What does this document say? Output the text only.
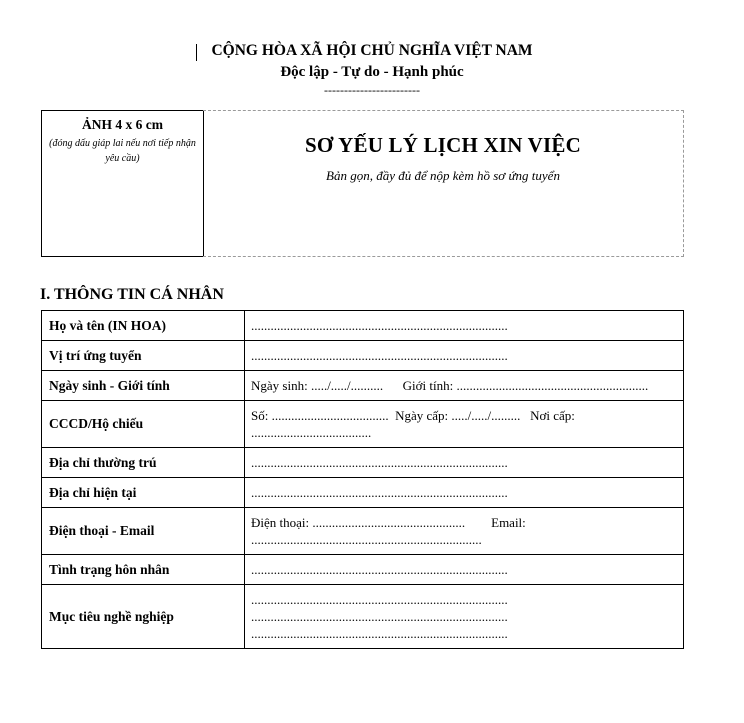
CỘNG HÒA XÃ HỘI CHỦ NGHĨA VIỆT NAM
Độc lập - Tự do - Hạnh phúc
------------------------
ẢNH 4 x 6 cm
(đóng dấu giáp lai nếu nơi tiếp nhận yêu cầu)
SƠ YẾU LÝ LỊCH XIN VIỆC
Bản gọn, đầy đủ để nộp kèm hồ sơ ứng tuyển
I. THÔNG TIN CÁ NHÂN
Họ và tên (IN HOA)	...............................................................................

Vị trí ứng tuyển	...............................................................................

Ngày sinh - Giới tính	Ngày sinh: ...../...../..........      Giới tính: ...........................................................

CCCD/Hộ chiếu	Số: ....................................  Ngày cấp: ...../...../.........   Nơi cấp:
.....................................

Địa chỉ thường trú	...............................................................................

Địa chỉ hiện tại	...............................................................................

Điện thoại - Email	Điện thoại: ...............................................        Email:
.......................................................................

Tình trạng hôn nhân	...............................................................................

Mục tiêu nghề nghiệp	...............................................................................
...............................................................................
...............................................................................
